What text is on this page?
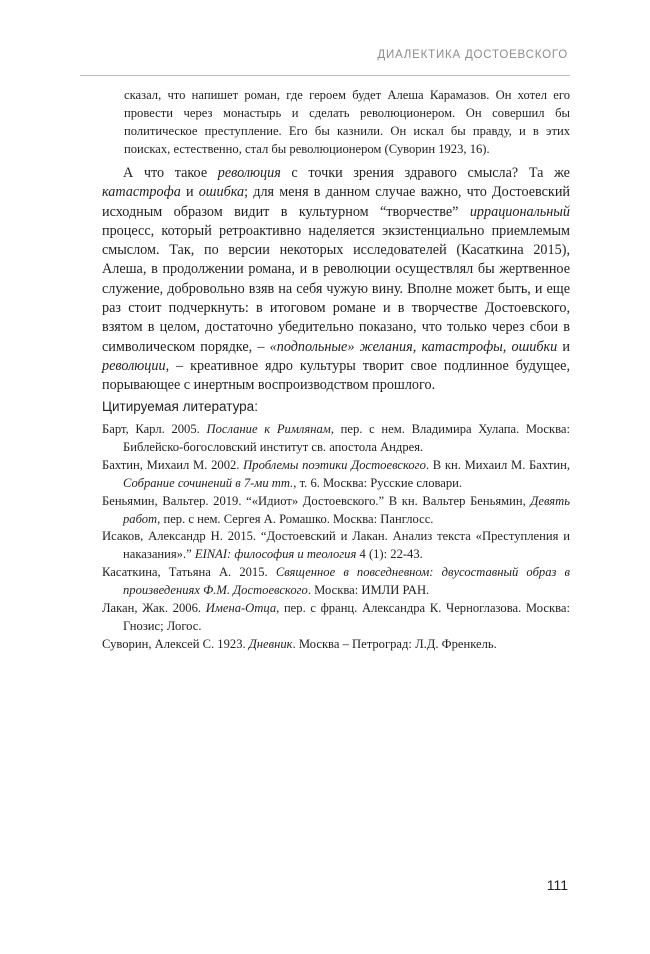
ДИАЛЕКТИКА ДОСТОЕВСКОГО

сказал, что напишет роман, где героем будет Алеша Карамазов. Он хотел его провести через монастырь и сделать революционером. Он совершил бы политическое преступление. Его бы казнили. Он искал бы правду, и в этих поисках, естественно, стал бы революционером (Суворин 1923, 16).

А что такое революция с точки зрения здравого смысла? Та же катастрофа и ошибка; для меня в данном случае важно, что Достоевский исходным образом видит в культурном “творчестве” иррациональный процесс, который ретроактивно наделяется экзистенциально приемлемым смыслом. Так, по версии некоторых исследователей (Касаткина 2015), Алеша, в продолжении романа, и в революции осуществлял бы жертвенное служение, добровольно взяв на себя чужую вину. Вполне может быть, и еще раз стоит подчеркнуть: в итоговом романе и в творчестве Достоевского, взятом в целом, достаточно убедительно показано, что только через сбои в символическом порядке, – «подпольные» желания, катастрофы, ошибки и революции, – креативное ядро культуры творит свое подлинное будущее, порывающее с инертным воспроизводством прошлого.

Цитируемая литература:
Барт, Карл. 2005. Послание к Римлянам, пер. с нем. Владимира Хулапа. Москва: Библейско-богословский институт св. апостола Андрея.
Бахтин, Михаил М. 2002. Проблемы поэтики Достоевского. В кн. Михаил М. Бахтин, Собрание сочинений в 7-ми тт., т. 6. Москва: Русские словари.
Беньямин, Вальтер. 2019. “«Идиот» Достоевского.” В кн. Вальтер Беньямин, Девять работ, пер. с нем. Сергея А. Ромашко. Москва: Панглосс.
Исаков, Александр Н. 2015. “Достоевский и Лакан. Анализ текста «Преступления и наказания».” ΕΙΝΑΙ: философия и теология 4 (1): 22-43.
Касаткина, Татьяна А. 2015. Священное в повседневном: двусоставный образ в произведениях Ф.М. Достоевского. Москва: ИМЛИ РАН.
Лакан, Жак. 2006. Имена-Отца, пер. с франц. Александра К. Черноглазова. Москва: Гнозис; Логос.
Суворин, Алексей С. 1923. Дневник. Москва – Петроград: Л.Д. Френкель.
111
